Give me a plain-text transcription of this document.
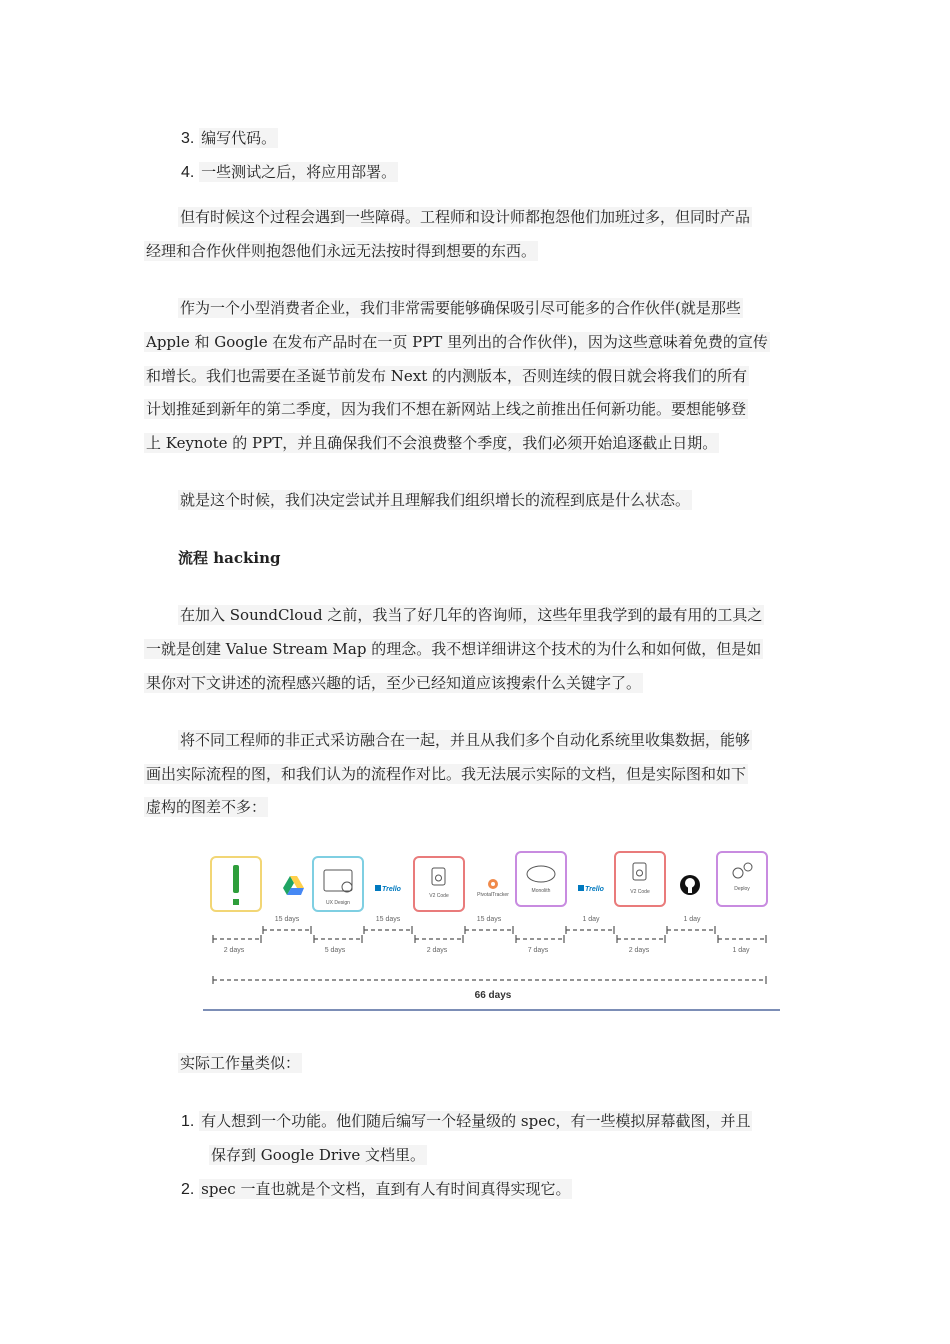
3. 编写代码。
4. 一些测试之后，将应用部署。
但有时候这个过程会遇到一些障碍。工程师和设计师都抱怨他们加班过多，但同时产品
经理和合作伙伴则抱怨他们永远无法按时得到想要的东西。
作为一个小型消费者企业，我们非常需要能够确保吸引尽可能多的合作伙伴(就是那些
Apple 和 Google 在发布产品时在一页 PPT 里列出的合作伙伴)，因为这些意味着免费的宣传
和增长。我们也需要在圣诞节前发布 Next 的内测版本，否则连续的假日就会将我们的所有
计划推延到新年的第二季度，因为我们不想在新网站上线之前推出任何新功能。要想能够登
上 Keynote 的 PPT，并且确保我们不会浪费整个季度，我们必须开始追逐截止日期。
就是这个时候，我们决定尝试并且理解我们组织增长的流程到底是什么状态。
流程 hacking
在加入 SoundCloud 之前，我当了好几年的咨询师，这些年里我学到的最有用的工具之
一就是创建 Value Stream Map 的理念。我不想详细讲这个技术的为什么和如何做，但是如
果你对下文讲述的流程感兴趣的话，至少已经知道应该搜索什么关键字了。
将不同工程师的非正式采访融合在一起，并且从我们多个自动化系统里收集数据，能够
画出实际流程的图，和我们认为的流程作对比。我无法展示实际的文档，但是实际图和如下
虚构的图差不多：
UX Design
Trello
V2 Code	PivotalTracker
Monolith	Trello	V2 Code	Deploy
15 days	15 days	15 days	1 day	1 day
2 days	5 days	2 days	7 days	2 days	1 day
66 days
实际工作量类似：
1. 有人想到一个功能。他们随后编写一个轻量级的 spec，有一些模拟屏幕截图，并且
保存到 Google Drive 文档里。
2. spec 一直也就是个文档，直到有人有时间真得实现它。
